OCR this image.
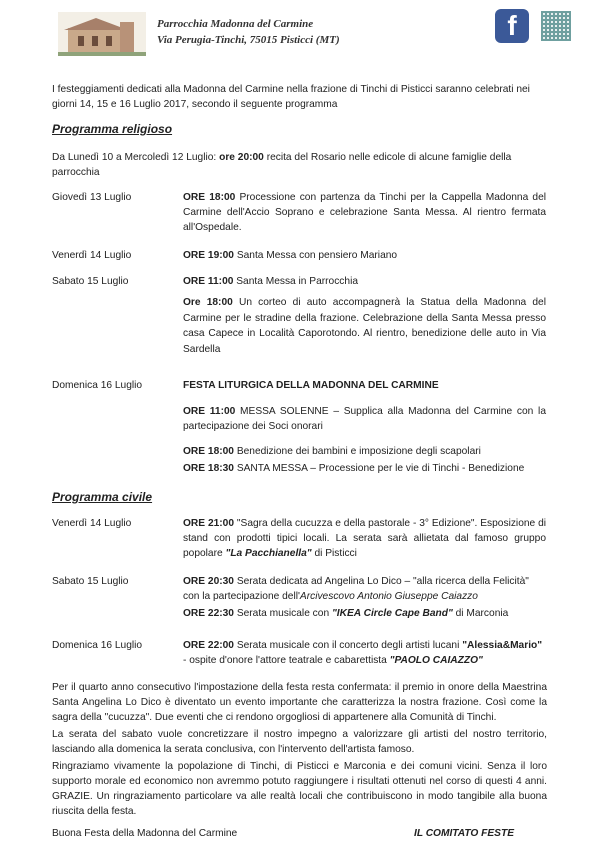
Parrocchia Madonna del Carmine
Via Perugia-Tinchi, 75015 Pisticci (MT)	f
I festeggiamenti dedicati alla Madonna del Carmine nella frazione di Tinchi di Pisticci saranno celebrati nei giorni 14, 15 e 16 Luglio 2017, secondo il seguente programma
Programma religioso
Da Lunedì 10 a Mercoledì 12 Luglio: ore 20:00 recita del Rosario nelle edicole di alcune famiglie della parrocchia
Giovedì 13 Luglio	ORE 18:00 Processione con partenza da Tinchi per la Cappella Madonna del Carmine dell'Accio Soprano e celebrazione Santa Messa. Al rientro fermata all'Ospedale.
Venerdì 14 Luglio	ORE 19:00 Santa Messa con pensiero Mariano
Sabato 15 Luglio	ORE 11:00 Santa Messa in Parrocchia
Ore 18:00 Un corteo di auto accompagnerà la Statua della Madonna del Carmine per le stradine della frazione. Celebrazione della Santa Messa presso casa Capece in Località Caporotondo. Al rientro, benedizione delle auto in Via Sardella
Domenica 16 Luglio	FESTA LITURGICA DELLA MADONNA DEL CARMINE
ORE 11:00 MESSA SOLENNE – Supplica alla Madonna del Carmine con la partecipazione dei Soci onorari
ORE 18:00 Benedizione dei bambini e imposizione degli scapolari
ORE 18:30 SANTA MESSA – Processione per le vie di Tinchi - Benedizione
Programma civile
Venerdì 14 Luglio	ORE 21:00 "Sagra della cucuzza e della pastorale - 3° Edizione". Esposizione di stand con prodotti tipici locali. La serata sarà allietata dal famoso gruppo popolare "La Pacchianella" di Pisticci
Sabato 15 Luglio	ORE 20:30 Serata dedicata ad Angelina Lo Dico – "alla ricerca della Felicità" con la partecipazione dell'Arcivescovo Antonio Giuseppe Caiazzo
ORE 22:30 Serata musicale con "IKEA Circle Cape Band" di Marconia
Domenica 16 Luglio	ORE 22:00 Serata musicale con il concerto degli artisti lucani "Alessia&Mario" - ospite d'onore l'attore teatrale e cabarettista "PAOLO CAIAZZO"
Per il quarto anno consecutivo l'impostazione della festa resta confermata: il premio in onore della Maestrina Santa Angelina Lo Dico è diventato un evento importante che caratterizza la nostra frazione. Così come la sagra della "cucuzza". Due eventi che ci rendono orgogliosi di appartenere alla Comunità di Tinchi.
La serata del sabato vuole concretizzare il nostro impegno a valorizzare gli artisti del nostro territorio, lasciando alla domenica la serata conclusiva, con l'intervento dell'artista famoso.
Ringraziamo vivamente la popolazione di Tinchi, di Pisticci e Marconia e dei comuni vicini. Senza il loro supporto morale ed economico non avremmo potuto raggiungere i risultati ottenuti nel corso di questi 4 anni. GRAZIE. Un ringraziamento particolare va alle realtà locali che contribuiscono in modo tangibile alla buona riuscita della festa.
Buona Festa della Madonna del Carmine	IL COMITATO FESTE
